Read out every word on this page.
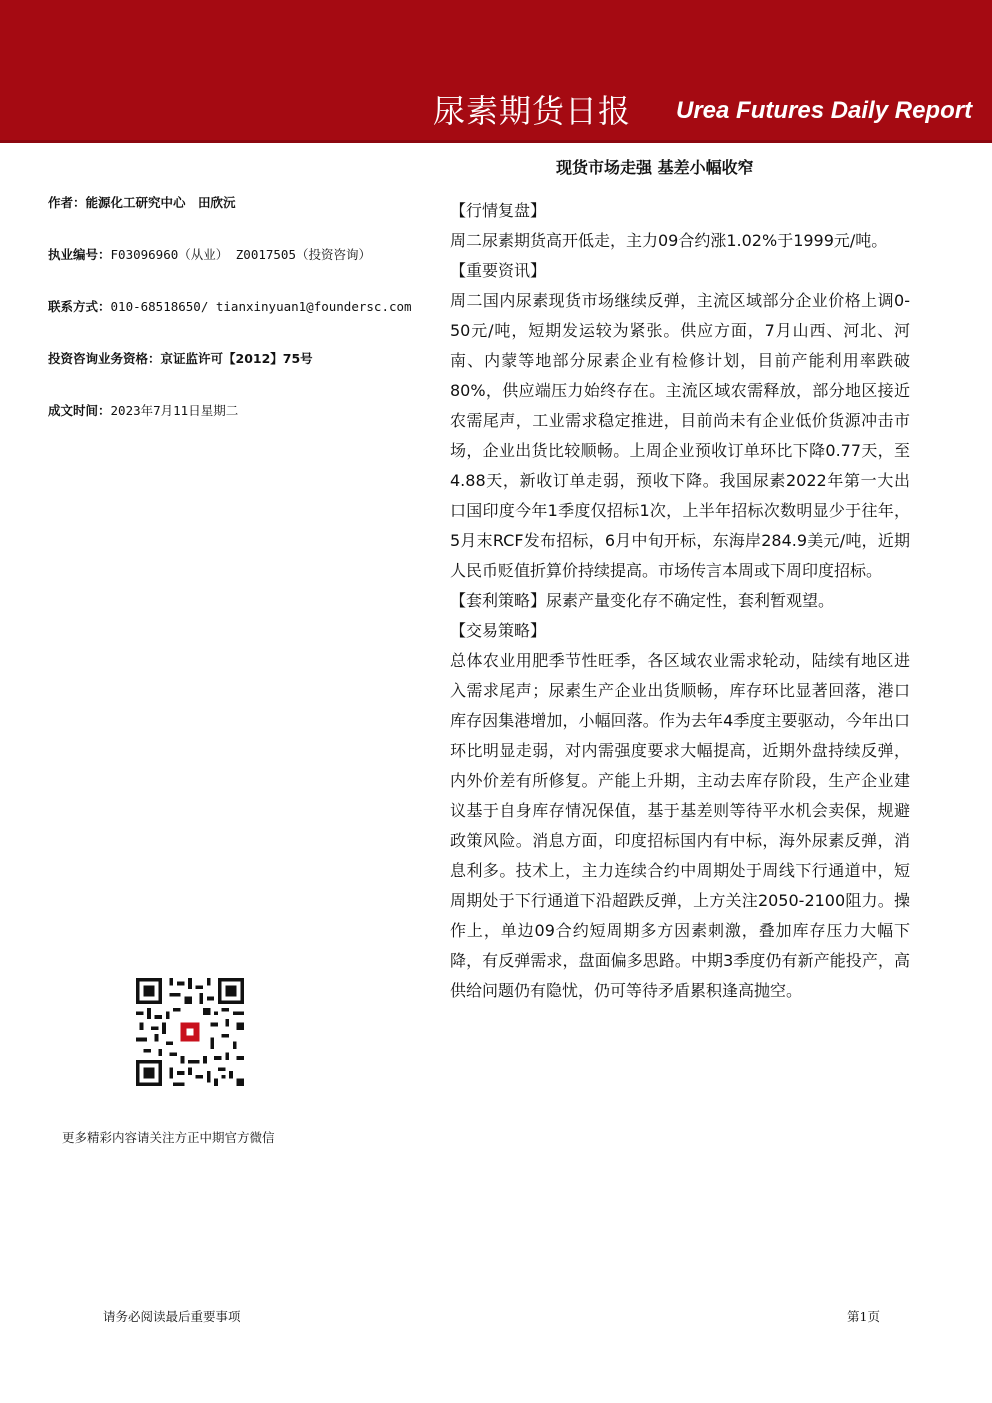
尿素期货日报 Urea Futures Daily Report
现货市场走强 基差小幅收窄
作者：能源化工研究中心　田欣沅
执业编号：F03096960（从业） Z0017505（投资咨询）
联系方式：010-68518650/ tianxinyuan1@foundersc.com
投资咨询业务资格：京证监许可【2012】75号
成文时间：2023年7月11日星期二

【行情复盘】

周二尿素期货高开低走，主力09合约涨1.02%于1999元/吨。

【重要资讯】

周二国内尿素现货市场继续反弹，主流区域部分企业价格上调0-50元/吨，短期发运较为紧张。供应方面，7月山西、河北、河南、内蒙等地部分尿素企业有检修计划，目前产能利用率跌破80%，供应端压力始终存在。主流区域农需释放，部分地区接近农需尾声，工业需求稳定推进，目前尚未有企业低价货源冲击市场，企业出货比较顺畅。上周企业预收订单环比下降0.77天，至4.88天，新收订单走弱，预收下降。我国尿素2022年第一大出口国印度今年1季度仅招标1次，上半年招标次数明显少于往年，5月末RCF发布招标，6月中旬开标，东海岸284.9美元/吨，近期人民币贬值折算价持续提高。市场传言本周或下周印度招标。

【套利策略】尿素产量变化存不确定性，套利暂观望。

【交易策略】

总体农业用肥季节性旺季，各区域农业需求轮动，陆续有地区进入需求尾声；尿素生产企业出货顺畅，库存环比显著回落，港口库存因集港增加，小幅回落。作为去年4季度主要驱动，今年出口环比明显走弱，对内需强度要求大幅提高，近期外盘持续反弹，内外价差有所修复。产能上升期，主动去库存阶段，生产企业建议基于自身库存情况保值，基于基差则等待平水机会卖保，规避政策风险。消息方面，印度招标国内有中标，海外尿素反弹，消息利多。技术上，主力连续合约中周期处于周线下行通道中，短周期处于下行通道下沿超跌反弹，上方关注2050-2100阻力。操作上，单边09合约短周期多方因素刺激，叠加库存压力大幅下降，有反弹需求，盘面偏多思路。中期3季度仍有新产能投产，高供给问题仍有隐忧，仍可等待矛盾累积逢高抛空。

更多精彩内容请关注方正中期官方微信
请务必阅读最后重要事项	第1页
